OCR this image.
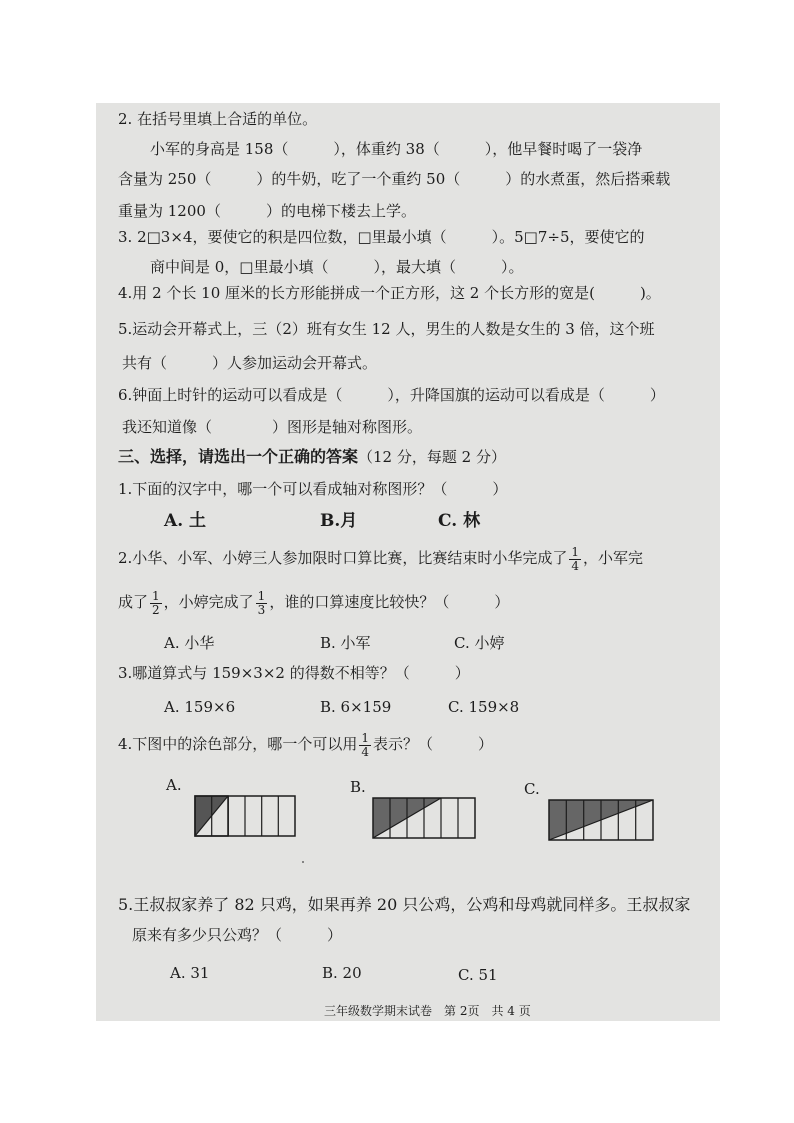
2. 在括号里填上合适的单位。
小军的身高是 158（　　　），体重约 38（　　　），他早餐时喝了一袋净
含量为 250（　　　）的牛奶，吃了一个重约 50（　　　）的水煮蛋，然后搭乘载
重量为 1200（　　　）的电梯下楼去上学。
3. 2□3×4，要使它的积是四位数，□里最小填（　　　）。5□7÷5，要使它的
商中间是 0，□里最小填（　　　），最大填（　　　）。
4.用 2 个长 10 厘米的长方形能拼成一个正方形，这 2 个长方形的宽是(　　　)。
5.运动会开幕式上，三（2）班有女生 12 人，男生的人数是女生的 3 倍，这个班
共有（　　　）人参加运动会开幕式。
6.钟面上时针的运动可以看成是（　　　），升降国旗的运动可以看成是（　　　）
我还知道像（　　　　）图形是轴对称图形。
三、选择，请选出一个正确的答案（12 分，每题 2 分）
1.下面的汉字中，哪一个可以看成轴对称图形？（　　　）
A. 土	B.月	C. 林
2.小华、小军、小婷三人参加限时口算比赛，比赛结束时小华完成了 $\frac{1}{4}$ ，小军完
成了 $\frac{1}{2}$ ，小婷完成了 $\frac{1}{3}$ ，谁的口算速度比较快？（　　　）
A. 小华	B. 小军	C. 小婷
3.哪道算式与 159×3×2 的得数不相等？（　　　）
A. 159×6	B. 6×159	C. 159×8
4.下图中的涂色部分，哪一个可以用 $\frac{1}{4}$ 表示？（　　　）
A.	B.	C.
5.王叔叔家养了 82 只鸡，如果再养 20 只公鸡，公鸡和母鸡就同样多。王叔叔家
原来有多少只公鸡？（　　　）
A. 31	B. 20	C. 51
三年级数学期末试卷　第 2页　共 4 页
